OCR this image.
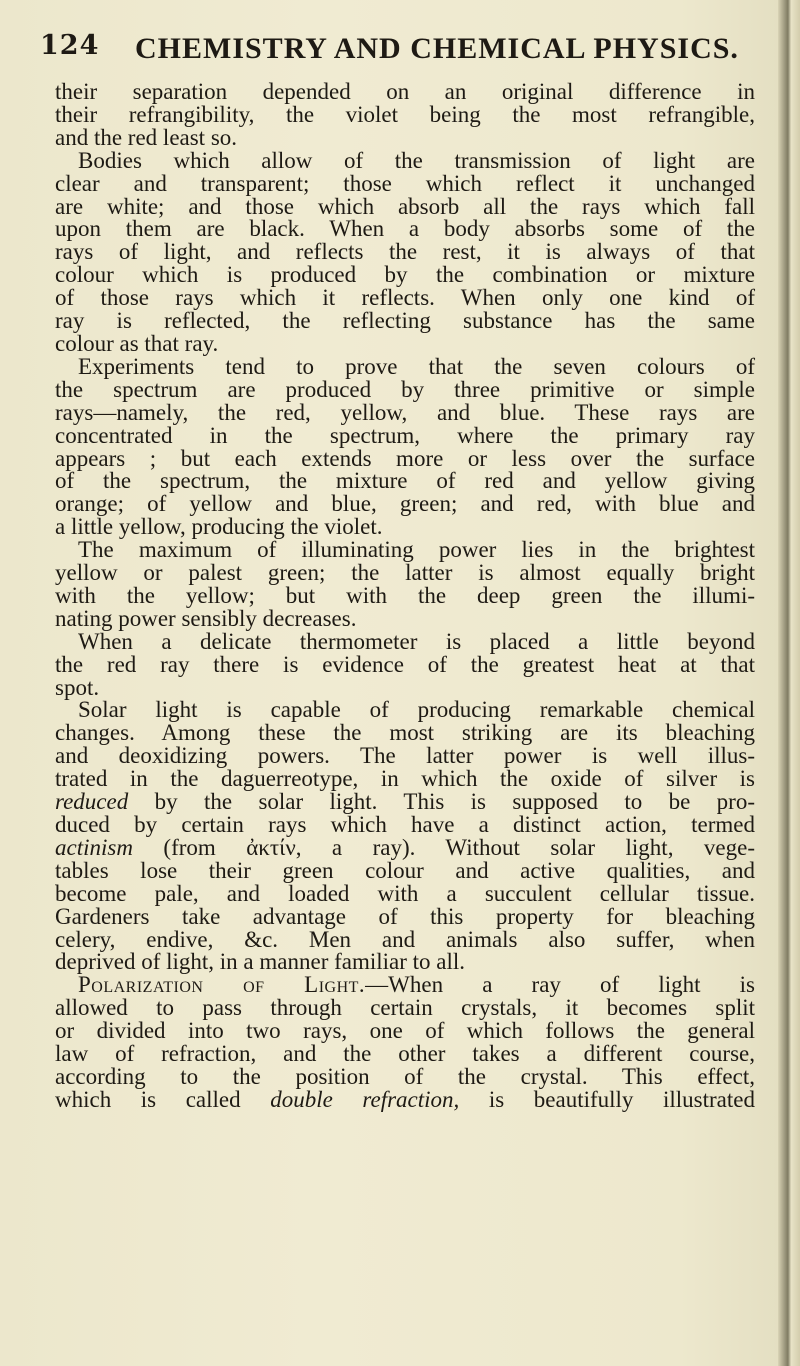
124 CHEMISTRY AND CHEMICAL PHYSICS.
their separation depended on an original difference in
their refrangibility, the violet being the most refrangible,
and the red least so.
Bodies which allow of the transmission of light are
clear and transparent; those which reflect it unchanged
are white; and those which absorb all the rays which fall
upon them are black. When a body absorbs some of the
rays of light, and reflects the rest, it is always of that
colour which is produced by the combination or mixture
of those rays which it reflects. When only one kind of
ray is reflected, the reflecting substance has the same
colour as that ray.
Experiments tend to prove that the seven colours of
the spectrum are produced by three primitive or simple
rays—namely, the red, yellow, and blue. These rays are
concentrated in the spectrum, where the primary ray
appears ; but each extends more or less over the surface
of the spectrum, the mixture of red and yellow giving
orange; of yellow and blue, green; and red, with blue and
a little yellow, producing the violet.
The maximum of illuminating power lies in the brightest
yellow or palest green; the latter is almost equally bright
with the yellow; but with the deep green the illumi-
nating power sensibly decreases.
When a delicate thermometer is placed a little beyond
the red ray there is evidence of the greatest heat at that
spot.
Solar light is capable of producing remarkable chemical
changes. Among these the most striking are its bleaching
and deoxidizing powers. The latter power is well illus-
trated in the daguerreotype, in which the oxide of silver is
reduced by the solar light. This is supposed to be pro-
duced by certain rays which have a distinct action, termed
actinism (from ἀκτίν, a ray). Without solar light, vege-
tables lose their green colour and active qualities, and
become pale, and loaded with a succulent cellular tissue.
Gardeners take advantage of this property for bleaching
celery, endive, &c. Men and animals also suffer, when
deprived of light, in a manner familiar to all.
Polarization of Light.—When a ray of light is
allowed to pass through certain crystals, it becomes split
or divided into two rays, one of which follows the general
law of refraction, and the other takes a different course,
according to the position of the crystal. This effect,
which is called double refraction, is beautifully illustrated
